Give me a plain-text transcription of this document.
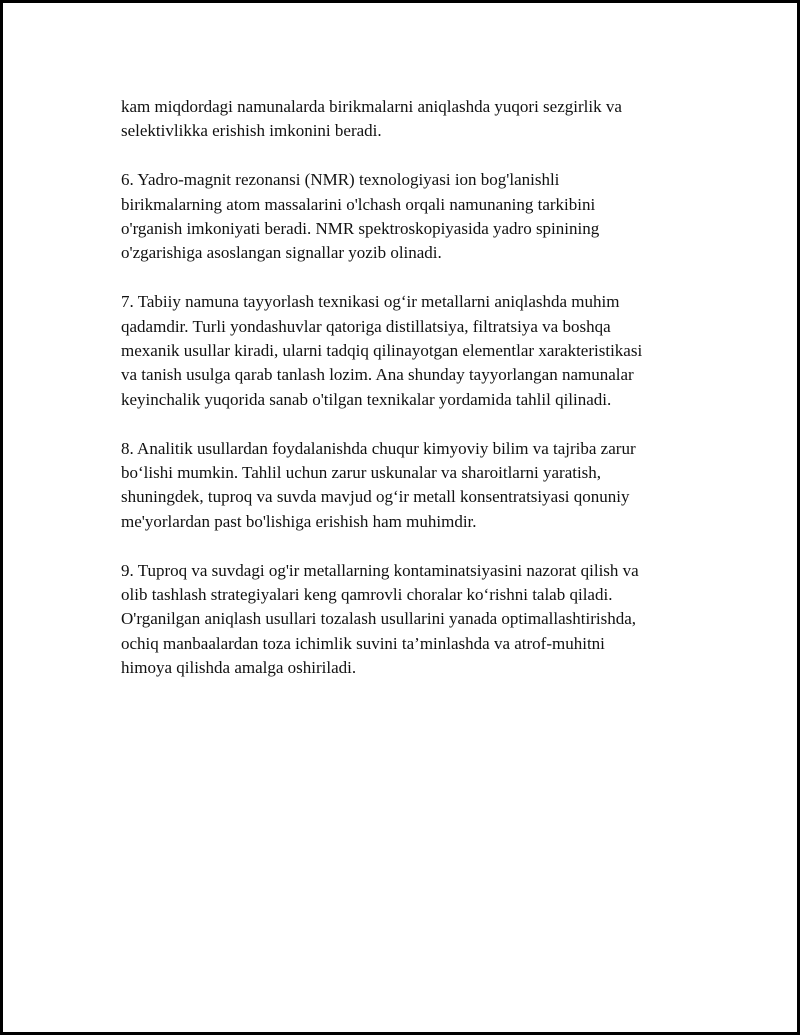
kam miqdordagi namunalarda birikmalarni aniqlashda yuqori sezgirlik va
selektivlikka erishish imkonini beradi.

6. Yadro-magnit rezonansi (NMR) texnologiyasi ion bog'lanishli
birikmalarning atom massalarini o'lchash orqali namunaning tarkibini
o'rganish imkoniyati beradi. NMR spektroskopiyasida yadro spinining
o'zgarishiga asoslangan signallar yozib olinadi.

7. Tabiiy namuna tayyorlash texnikasi og‘ir metallarni aniqlashda muhim
qadamdir. Turli yondashuvlar qatoriga distillatsiya, filtratsiya va boshqa
mexanik usullar kiradi, ularni tadqiq qilinayotgan elementlar xarakteristikasi
va tanish usulga qarab tanlash lozim. Ana shunday tayyorlangan namunalar
keyinchalik yuqorida sanab o'tilgan texnikalar yordamida tahlil qilinadi.

8. Analitik usullardan foydalanishda chuqur kimyoviy bilim va tajriba zarur
bo‘lishi mumkin. Tahlil uchun zarur uskunalar va sharoitlarni yaratish,
shuningdek, tuproq va suvda mavjud og‘ir metall konsentratsiyasi qonuniy
me'yorlardan past bo'lishiga erishish ham muhimdir.

9. Tuproq va suvdagi og'ir metallarning kontaminatsiyasini nazorat qilish va
olib tashlash strategiyalari keng qamrovli choralar ko‘rishni talab qiladi.
O'rganilgan aniqlash usullari tozalash usullarini yanada optimallashtirishda,
ochiq manbaalardan toza ichimlik suvini ta’minlashda va atrof-muhitni
himoya qilishda amalga oshiriladi.
